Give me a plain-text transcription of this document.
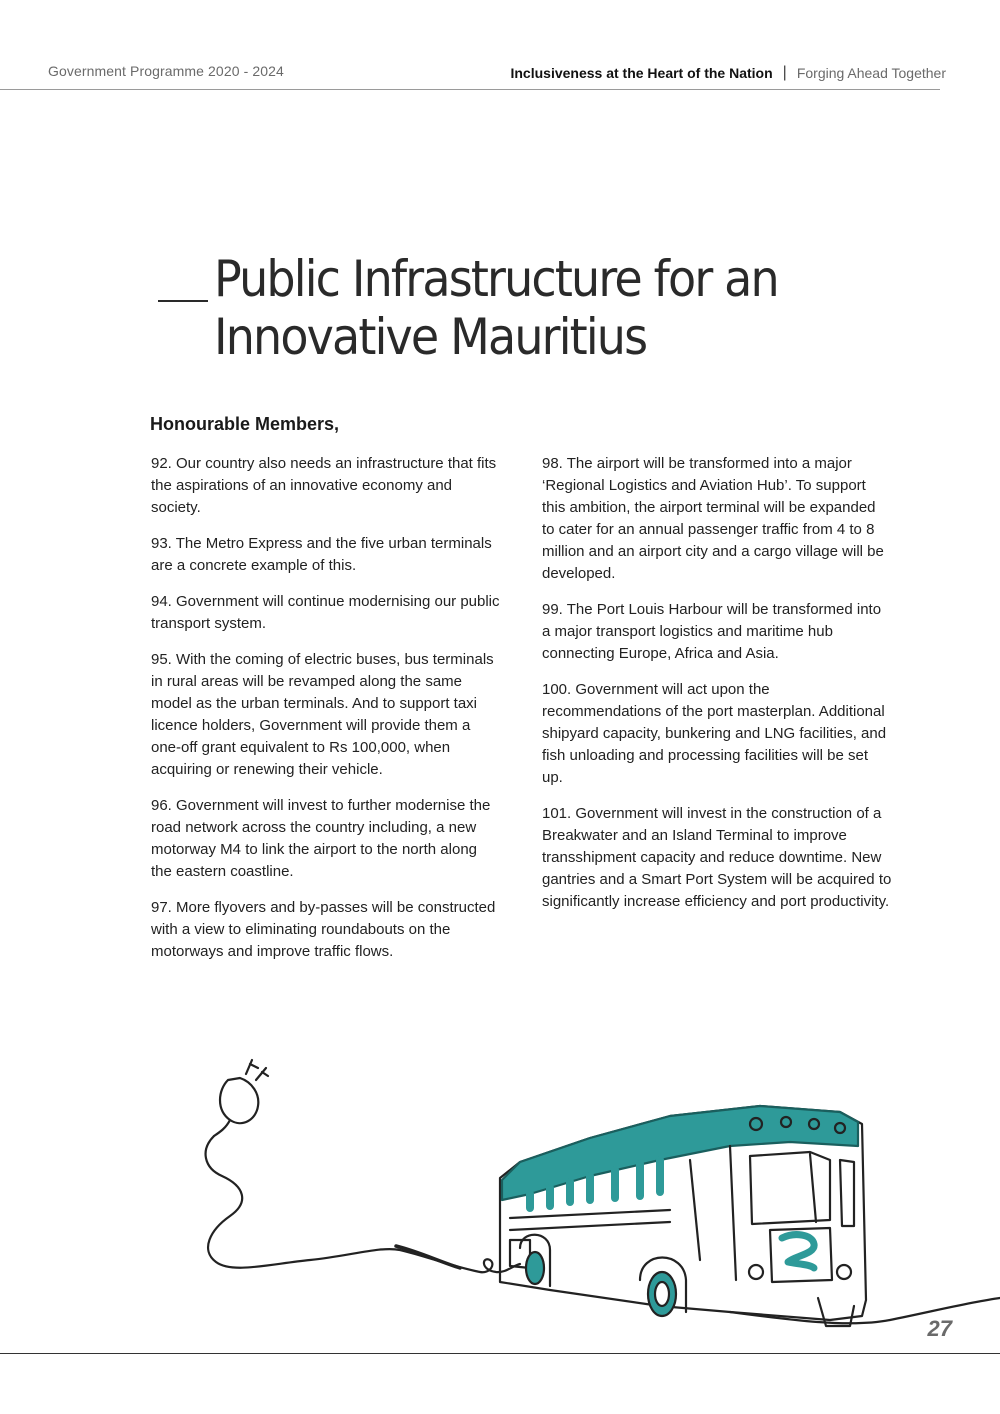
Government Programme 2020 - 2024	Inclusiveness at the Heart of the Nation | Forging Ahead Together
Public Infrastructure for an
Innovative Mauritius
Honourable Members,

92. Our country also needs an infrastructure that fits the aspirations of an innovative economy and society.

93. The Metro Express and the five urban terminals are a concrete example of this.

94. Government will continue modernising our public transport system.

95. With the coming of electric buses, bus terminals in rural areas will be revamped along the same model as the urban terminals. And to support taxi licence holders, Government will provide them a one-off grant equivalent to Rs 100,000, when acquiring or renewing their vehicle.

96. Government will invest to further modernise the road network across the country including, a new motorway M4 to link the airport to the north along the eastern coastline.

97. More flyovers and by-passes will be constructed with a view to eliminating roundabouts on the motorways and improve traffic flows.

98. The airport will be transformed into a major ‘Regional Logistics and Aviation Hub’. To support this ambition, the airport terminal will be expanded to cater for an annual passenger traffic from 4 to 8 million and an airport city and a cargo village will be developed.

99. The Port Louis Harbour will be transformed into a major transport logistics and maritime hub connecting Europe, Africa and Asia.

100. Government will act upon the recommendations of the port masterplan. Additional shipyard capacity, bunkering and LNG facilities, and fish unloading and processing facilities will be set up.

101. Government will invest in the construction of a Breakwater and an Island Terminal to improve transshipment capacity and reduce downtime. New gantries and a Smart Port System will be acquired to significantly increase efficiency and port productivity.

27
